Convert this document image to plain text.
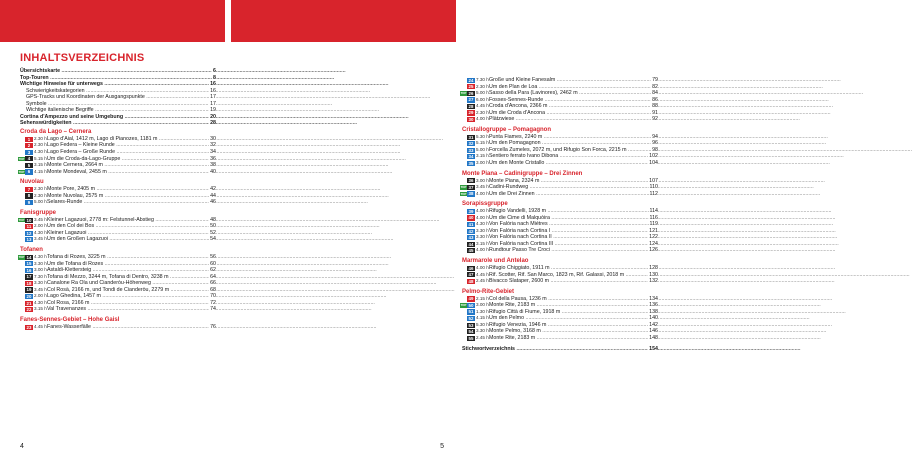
INHALTSVERZEICHNIS
Übersichtskarte .....	6
Top-Touren .....	8
Wichtige Hinweise für unterwegs .....	16
Schwierigkeitskategorien .....	16
GPS-Tracks und Koordinaten der Ausgangspunkte .....	17
Symbole .....	17
Wichtige italienische Begriffe .....	19
Cortina d'Ampezzo und seine Umgebung .....	20
Sehenswürdigkeiten .....	28
Croda da Lago – Cernera
1 2.30 h Lago d'Aial, 1412 m, Lago di Pianozes, 1181 m .....	30
2 2.30 h Lago Federa – Kleine Runde .....	32
3 4.30 h Lago Federa – Große Runde .....	34
TOP 4 5.15 h Um die Croda-da-Lago-Gruppe .....	36
5 3.15 h Monte Cernera, 2664 m .....	38
TOP 6 4.15 h Monte Mondeval, 2455 m .....	40
Nuvolau
7 2.30 h Monte Pore, 2405 m .....	42
8 2.30 h Monte Nuvolau, 2575 m .....	44
9 5.00 h Selares-Runde .....	46
Fanisgruppe
TOP 10 3.45 h Kleiner Lagazuoi, 2778 m: Felstunnel-Abstieg .....	48
11 2.00 h Um den Col dei Bos .....	50
12 4.30 h Kleiner Lagazuoi .....	52
13 3.45 h Um den Großen Lagazuoi .....	54
Tofanen
TOP 14 4.30 h Tofana di Rozes, 3225 m .....	56
15 3.30 h Um die Tofana di Rozes .....	60
16 3.00 h Astaldi-Klettersteig .....	62
17 7.30 h Tofana di Mezzo, 3244 m, Tofana di Dentro, 3238 m .....	64
18 3.30 h Canalone Ra Ola und Cianderòu-Höhenweg .....	66
19 3.45 h Col Rosà, 2166 m, und Tondi de Cianderòu, 2279 m .....	68
20 2.00 h Lago Ghedina, 1457 m .....	70
21 4.30 h Col Rosa, 2166 m .....	72
22 3.15 h Val Travenanzes .....	74
Fanes-Sennes-Gebiet – Hohe Gaisl
23 4.45 h Fanes-Wasserfälle .....	76
4
24 7.30 h Große und Kleine Fanesalm .....	79
25 2.30 h Um den Plan de Loa .....	82
TOP 26 5.00 h Sasso della Para (Lavinores), 2462 m .....	84
27 6.00 h Fosses-Sennes-Runde .....	86
28 4.45 h Croda d'Ancona, 2366 m .....	88
29 2.30 h Um die Croda d'Ancona .....	91
30 4.00 h Plätzwiese .....	92
Cristallogruppe – Pomagagnon
31 5.30 h Punta Fiames, 2240 m .....	94
32 5.15 h Um den Pomagagnon .....	96
33 5.00 h Forcella Zumeles, 2072 m, und Rifugio Son Forca, 2215 m .....	98
34 3.15 h Sentiero ferrato Ivano Dibona .....	102
35 3.00 h Um den Monte Cristallo .....	104
Monte Piana – Cadinigruppe – Drei Zinnen
36 3.00 h Monte Piana, 2324 m .....	107
TOP 37 3.45 h Cadini-Rundweg .....	110
TOP 38 4.00 h Um die Drei Zinnen .....	112
Sorapissgruppe
39 4.00 h Rifugio Vandelli, 1928 m .....	114
40 4.00 h Um die Cime di Malquòira .....	116
41 4.30 h Von Falória nach Miétres .....	119
42 3.30 h Von Falória nach Cortina I .....	121
43 3.30 h Von Falória nach Cortina II .....	122
44 3.15 h Von Falória nach Cortina III .....	124
45 4.00 h Rundtour Passo Tre Croci .....	126
Marmarole und Antelao
46 4.00 h Rifugio Chiggiato, 1911 m .....	128
47 4.45 h Rif. Scotter, Rif. San Marco, 1823 m, Rif. Galassi, 2018 m .....	130
48 2.45 h Bivacco Slataper, 2600 m .....	132
Pelmo-Rite-Gebiet
49 2.15 h Col della Pausa, 1236 m .....	134
TOP 50 3.00 h Monte Rite, 2183 m .....	136
51 1.30 h Rifugio Città di Fiume, 1918 m .....	138
52 4.15 h Um den Pelmo .....	140
53 5.30 h Rifugio Venezia, 1946 m .....	142
54 3.30 h Monte Pelmo, 3168 m .....	146
55 2.45 h Monte Rite, 2183 m .....	148
Stichwortverzeichnis .....	154
5
